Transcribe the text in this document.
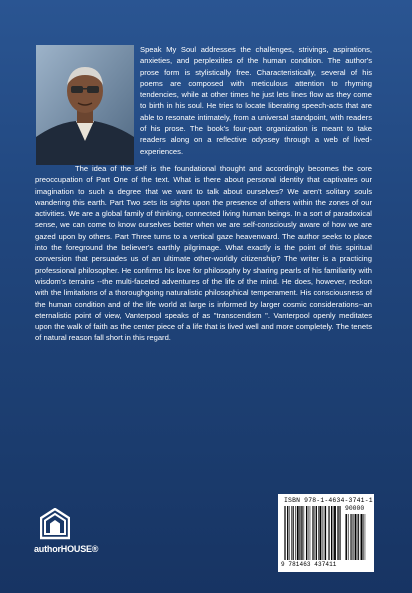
Speak My Soul addresses the challenges, strivings, aspirations, anxieties, and perplexities of the human condition. The author's prose form is stylistically free. Characteristically, several of his poems are composed with meticulous attention to rhyming tendencies, while at other times he just lets lines flow as they come to birth in his soul. He tries to locate liberating speech-acts that are able to resonate intimately, from a universal standpoint, with readers of his prose. The book's four-part organization is meant to take readers along on a reflective odyssey through a web of lived-experiences.

The idea of the self is the foundational thought and accordingly becomes the core preoccupation of Part One of the text. What is there about personal identity that captivates our imagination to such a degree that we want to talk about ourselves? We aren't solitary souls wandering this earth. Part Two sets its sights upon the presence of others within the zones of our activities. We are a global family of thinking, connected living human beings. In a sort of paradoxical sense, we can come to know ourselves better when we are self-consciously aware of how we are gazed upon by others. Part Three turns to a vertical gaze heavenward. The author seeks to place into the foreground the believer's earthly pilgrimage. What exactly is the point of this spiritual conversion that persuades us of an ultimate other-worldly citizenship? The writer is a practicing professional philosopher. He confirms his love for philosophy by sharing pearls of his familiarity with wisdom's terrains --the multi-faceted adventures of the life of the mind. He does, however, reckon with the limitations of a thoroughgoing naturalistic philosophical temperament. His consciousness of the human condition and of the life world at large is informed by larger cosmic considerations--an eternalistic point of view, Vanterpool speaks of as "transcendism ". Vanterpool openly meditates upon the walk of faith as the center piece of a life that is lived well and more completely. The tenets of natural reason fall short in this regard.

authorHOUSE®
ISBN 978-1-4634-3741-1
90000
9 781463 437411
